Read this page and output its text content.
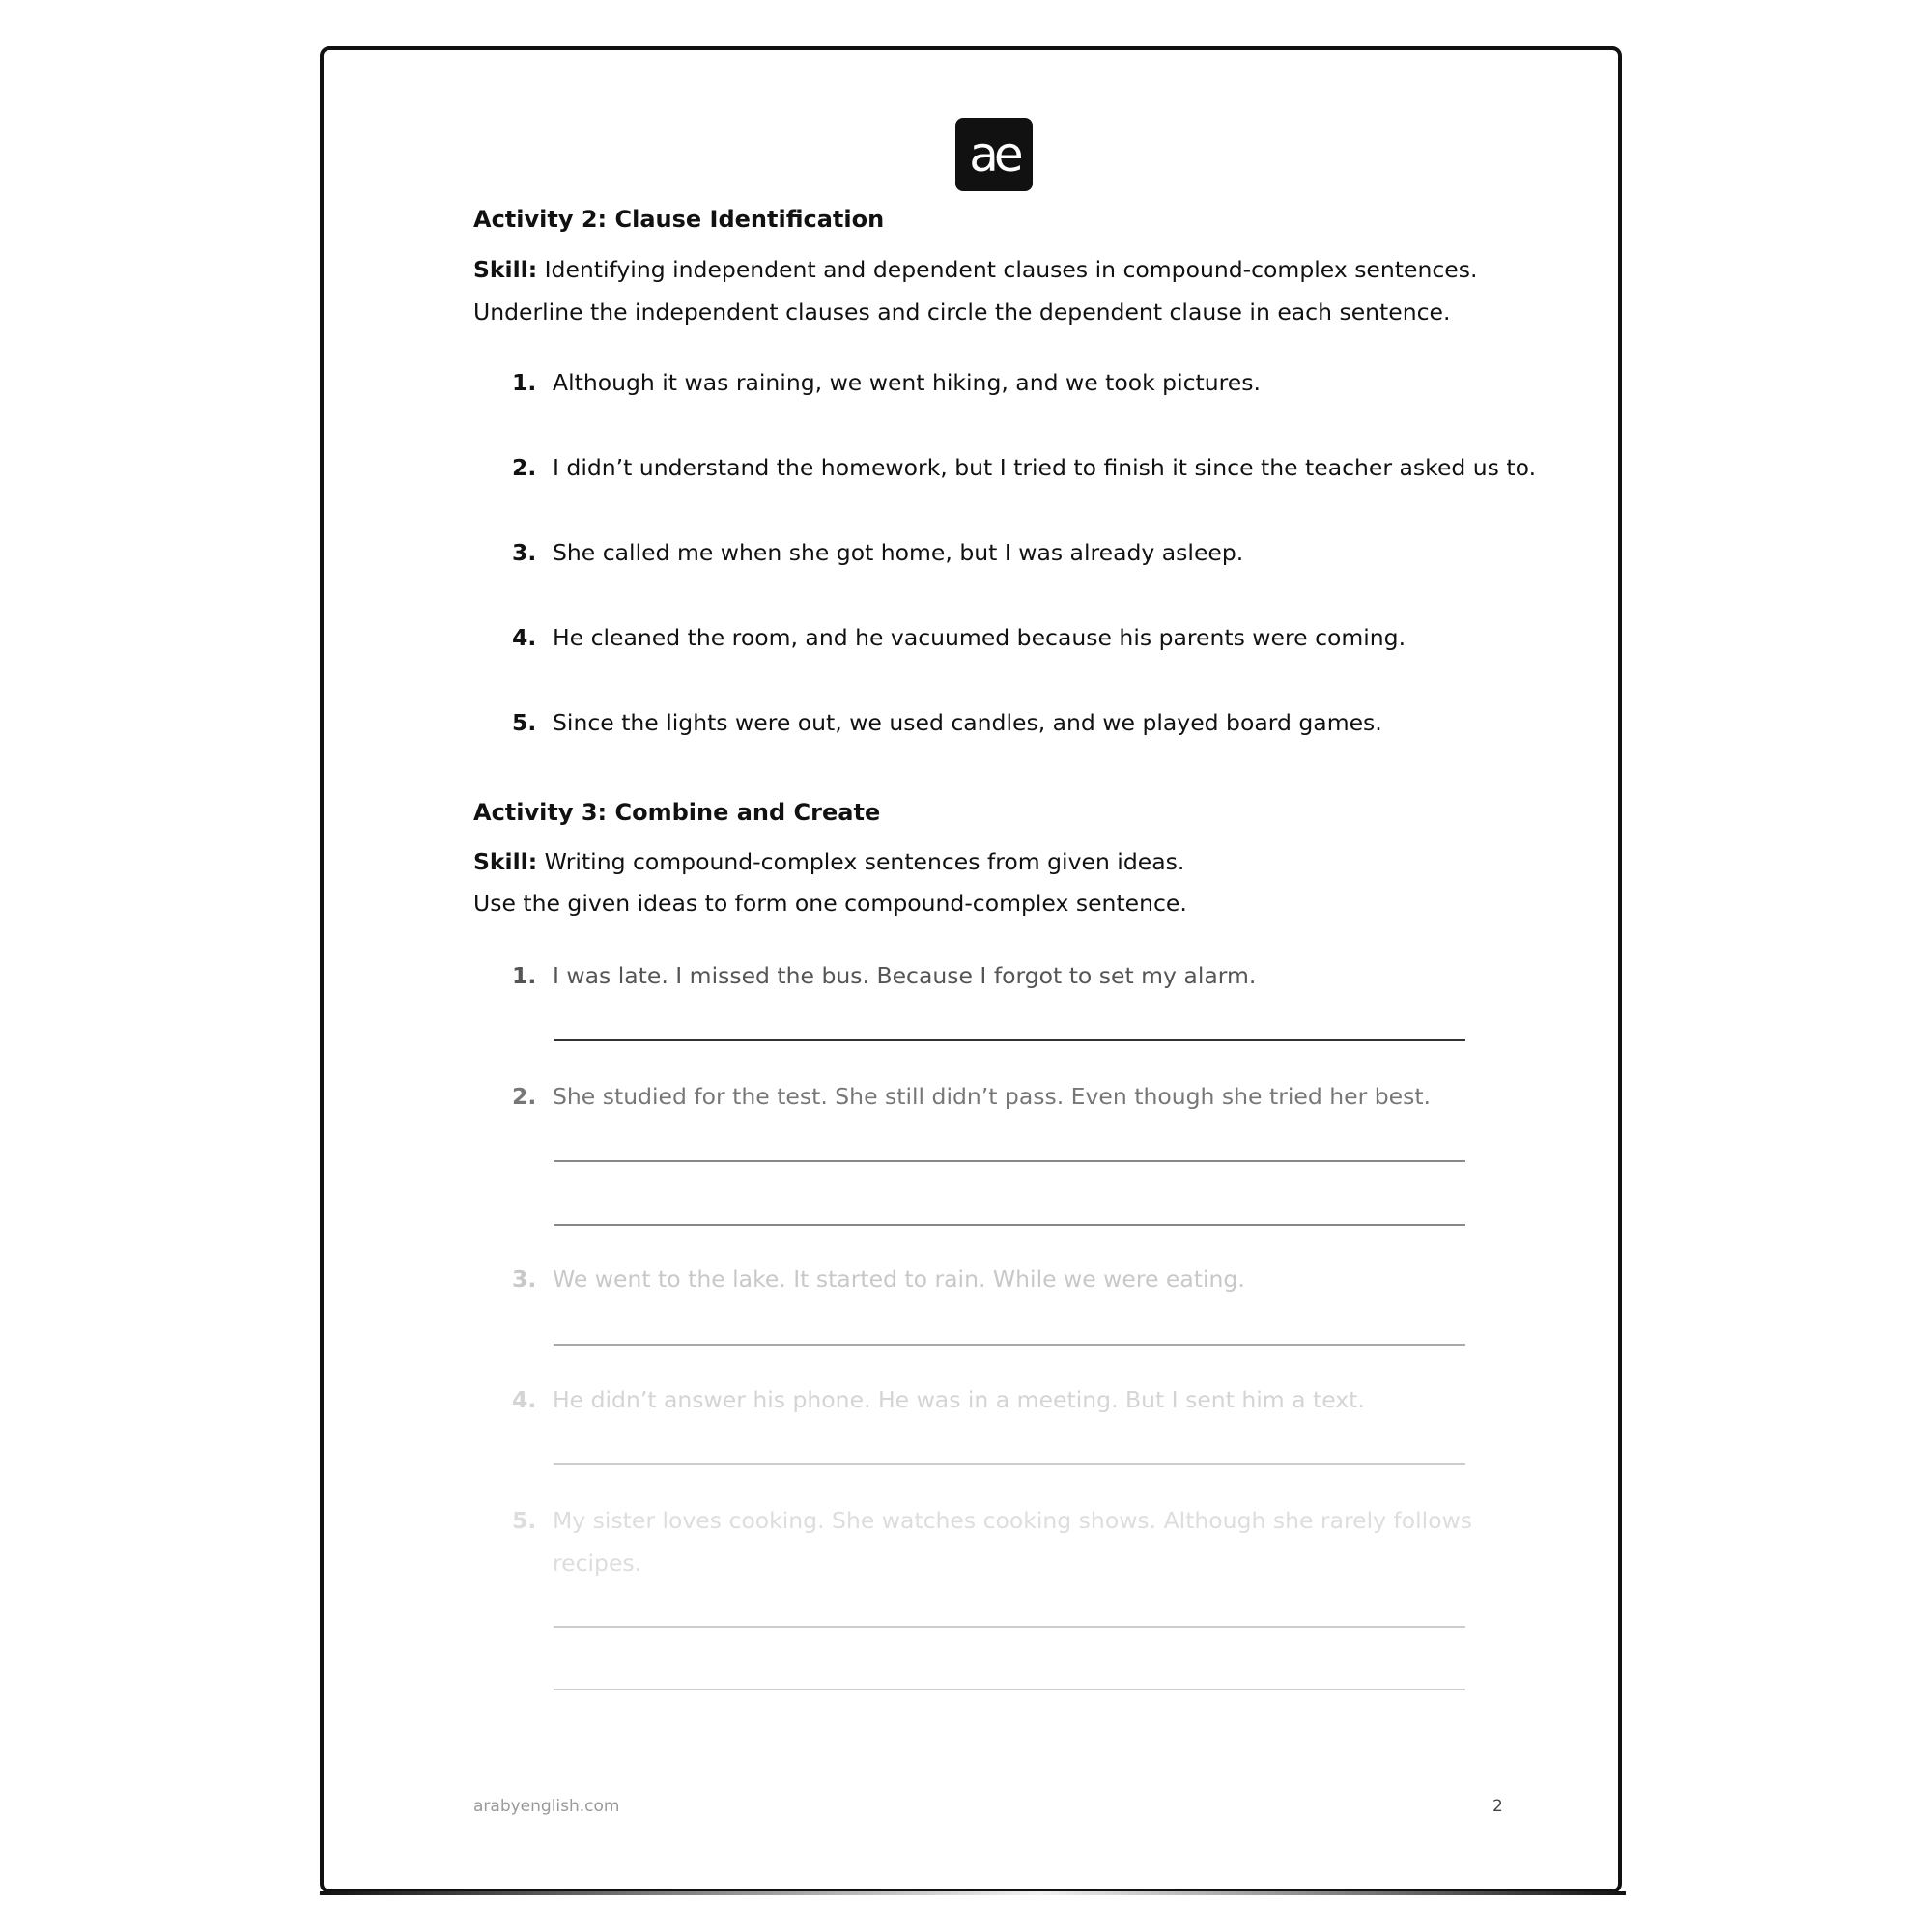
ae
Activity 2: Clause Identification
Skill: Identifying independent and dependent clauses in compound-complex sentences.
Underline the independent clauses and circle the dependent clause in each sentence.
1. Although it was raining, we went hiking, and we took pictures.
2. I didn’t understand the homework, but I tried to finish it since the teacher asked us to.
3. She called me when she got home, but I was already asleep.
4. He cleaned the room, and he vacuumed because his parents were coming.
5. Since the lights were out, we used candles, and we played board games.
Activity 3: Combine and Create
Skill: Writing compound-complex sentences from given ideas.
Use the given ideas to form one compound-complex sentence.
1. I was late. I missed the bus. Because I forgot to set my alarm.
2. She studied for the test. She still didn’t pass. Even though she tried her best.
3. We went to the lake. It started to rain. While we were eating.
4. He didn’t answer his phone. He was in a meeting. But I sent him a text.
5. My sister loves cooking. She watches cooking shows. Although she rarely follows recipes.
arabyenglish.com	2
